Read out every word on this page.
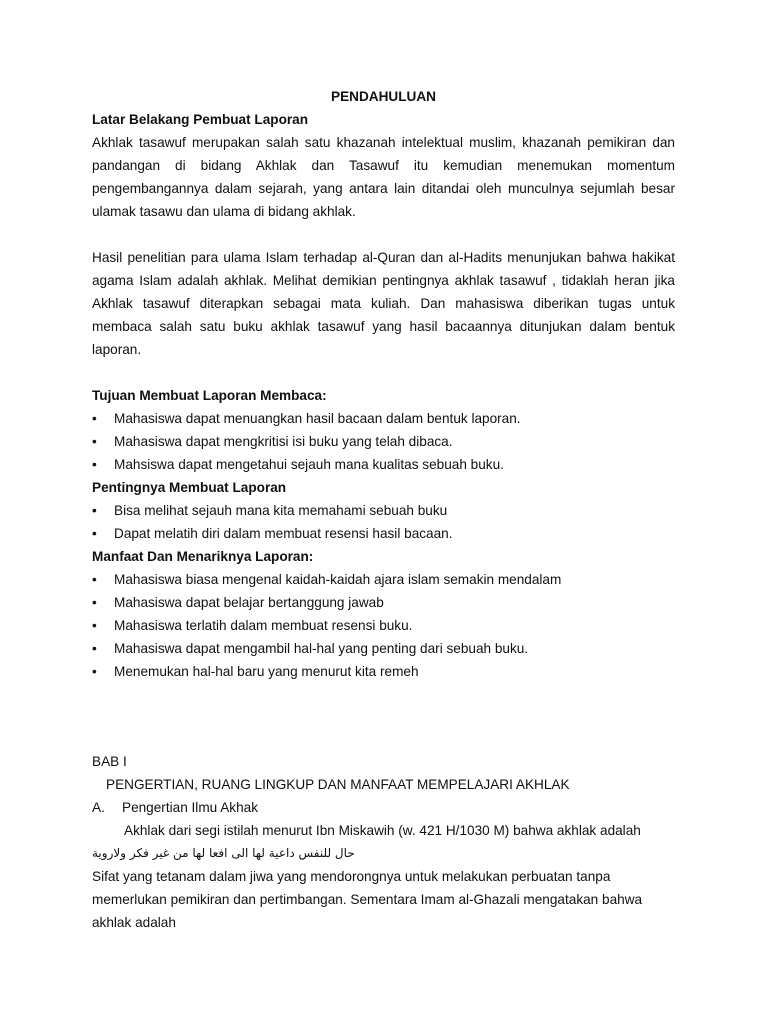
PENDAHULUAN
Latar Belakang Pembuat Laporan

Akhlak tasawuf merupakan salah satu khazanah intelektual muslim, khazanah pemikiran dan pandangan di bidang Akhlak dan Tasawuf itu kemudian menemukan momentum pengembangannya dalam sejarah, yang antara lain ditandai oleh munculnya sejumlah besar ulamak tasawu dan ulama di bidang akhlak.

Hasil penelitian para ulama Islam terhadap al-Quran dan al-Hadits menunjukan bahwa hakikat agama Islam adalah akhlak. Melihat demikian pentingnya akhlak tasawuf , tidaklah heran jika Akhlak tasawuf diterapkan sebagai mata kuliah. Dan mahasiswa diberikan tugas untuk membaca salah satu buku akhlak tasawuf yang hasil bacaannya ditunjukan dalam bentuk laporan.

Tujuan Membuat Laporan Membaca:
• Mahasiswa dapat menuangkan hasil bacaan dalam bentuk laporan.
• Mahasiswa dapat mengkritisi isi buku yang telah dibaca.
• Mahsiswa dapat mengetahui sejauh mana kualitas sebuah buku.
Pentingnya Membuat Laporan
• Bisa melihat sejauh mana kita memahami sebuah buku
• Dapat melatih diri dalam membuat resensi hasil bacaan.
Manfaat Dan Menariknya Laporan:
• Mahasiswa biasa mengenal kaidah-kaidah ajara islam semakin mendalam
• Mahasiswa dapat belajar bertanggung jawab
• Mahasiswa terlatih dalam membuat resensi buku.
• Mahasiswa dapat mengambil hal-hal yang penting dari sebuah buku.
• Menemukan hal-hal baru yang menurut kita remeh
BAB I
PENGERTIAN, RUANG LINGKUP DAN MANFAAT MEMPELAJARI AKHLAK
A. Pengertian Ilmu Akhak
Akhlak dari segi istilah menurut Ibn Miskawih (w. 421 H/1030 M) bahwa akhlak adalah
حال للنفس داعية لها الى افعا لها من غير فكر ولاروية
Sifat yang tetanam dalam jiwa yang mendorongnya untuk melakukan perbuatan tanpa memerlukan pemikiran dan pertimbangan. Sementara Imam al-Ghazali mengatakan bahwa akhlak adalah
